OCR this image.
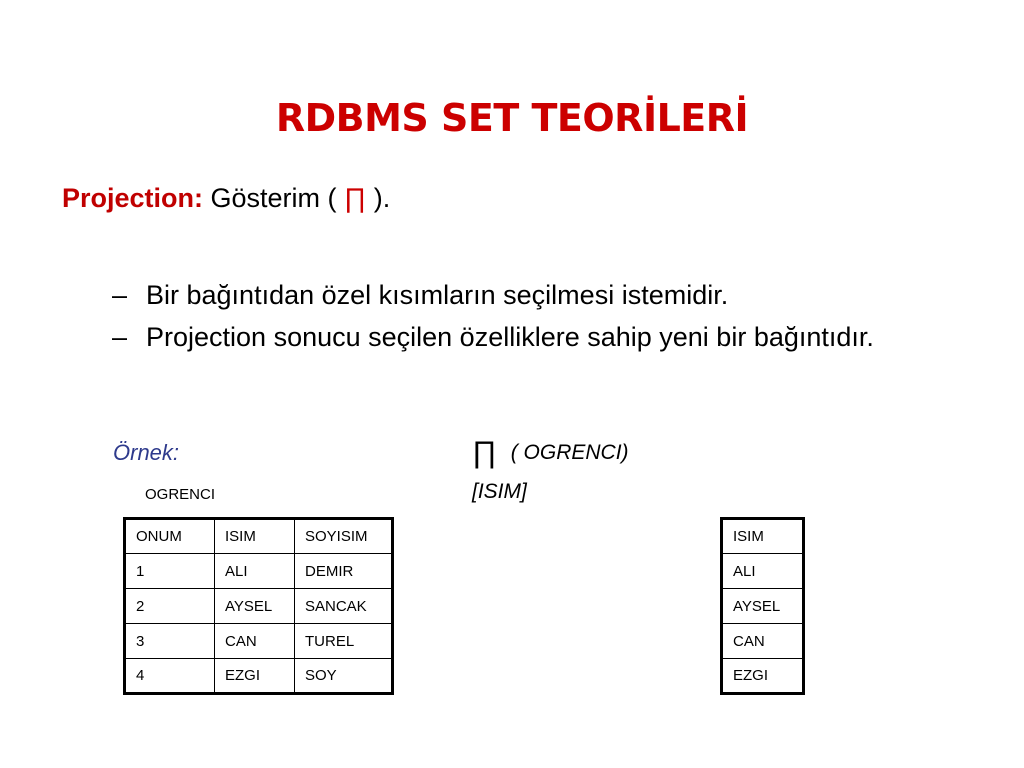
RDBMS SET TEORİLERİ
Projection: Gösterim ( ∏ ).
– Bir bağıntıdan özel kısımların seçilmesi istemidir.
– Projection sonucu seçilen özelliklere sahip yeni bir bağıntıdır.
Örnek:
OGRENCI
∏ ( OGRENCI)
[ISIM]
ONUM	ISIM	SOYISIM
1	ALI	DEMIR
2	AYSEL	SANCAK
3	CAN	TUREL
4	EZGI	SOY
ISIM
ALI
AYSEL
CAN
EZGI
